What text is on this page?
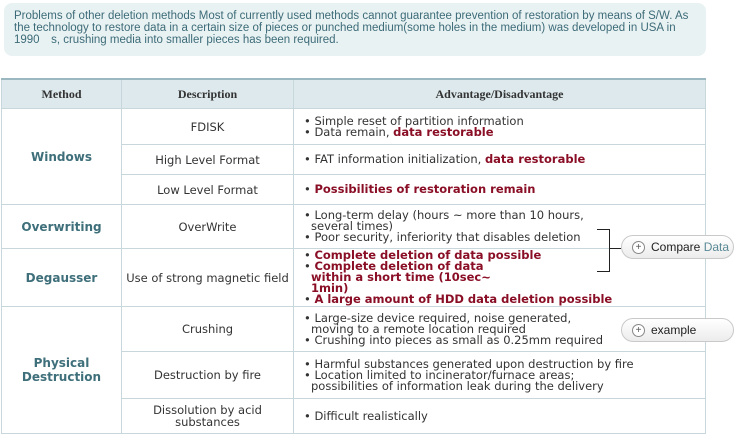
Problems of other deletion methods Most of currently used methods cannot guarantee prevention of restoration by means of S/W. As the technology to restore data in a certain size of pieces or punched medium(some holes in the medium) was developed in USA in 1990　s, crushing media into smaller pieces has been required.
Method	Description	Advantage/Disadvantage
Windows	FDISK	• Simple reset of partition information
• Data remain, data restorable

	High Level Format	• FAT information initialization, data restorable

	Low Level Format	• Possibilities of restoration remain

Overwriting	OverWrite	• Long-term delay (hours ~ more than 10 hours, several times)
• Poor security, inferiority that disables deletion

Degausser	Use of strong magnetic field	• Complete deletion of data possible
• Complete deletion of data within a short time (10sec~ 1min)
• A large amount of HDD data deletion possible

Physical Destruction	Crushing	• Large-size device required, noise generated, moving to a remote location required
• Crushing into pieces as small as 0.25mm required

	Destruction by fire	• Harmful substances generated upon destruction by fire
• Location limited to incinerator/furnace areas; possibilities of information leak during the delivery

	Dissolution by acid substances	• Difficult realistically
+ Compare
Data
+ example
